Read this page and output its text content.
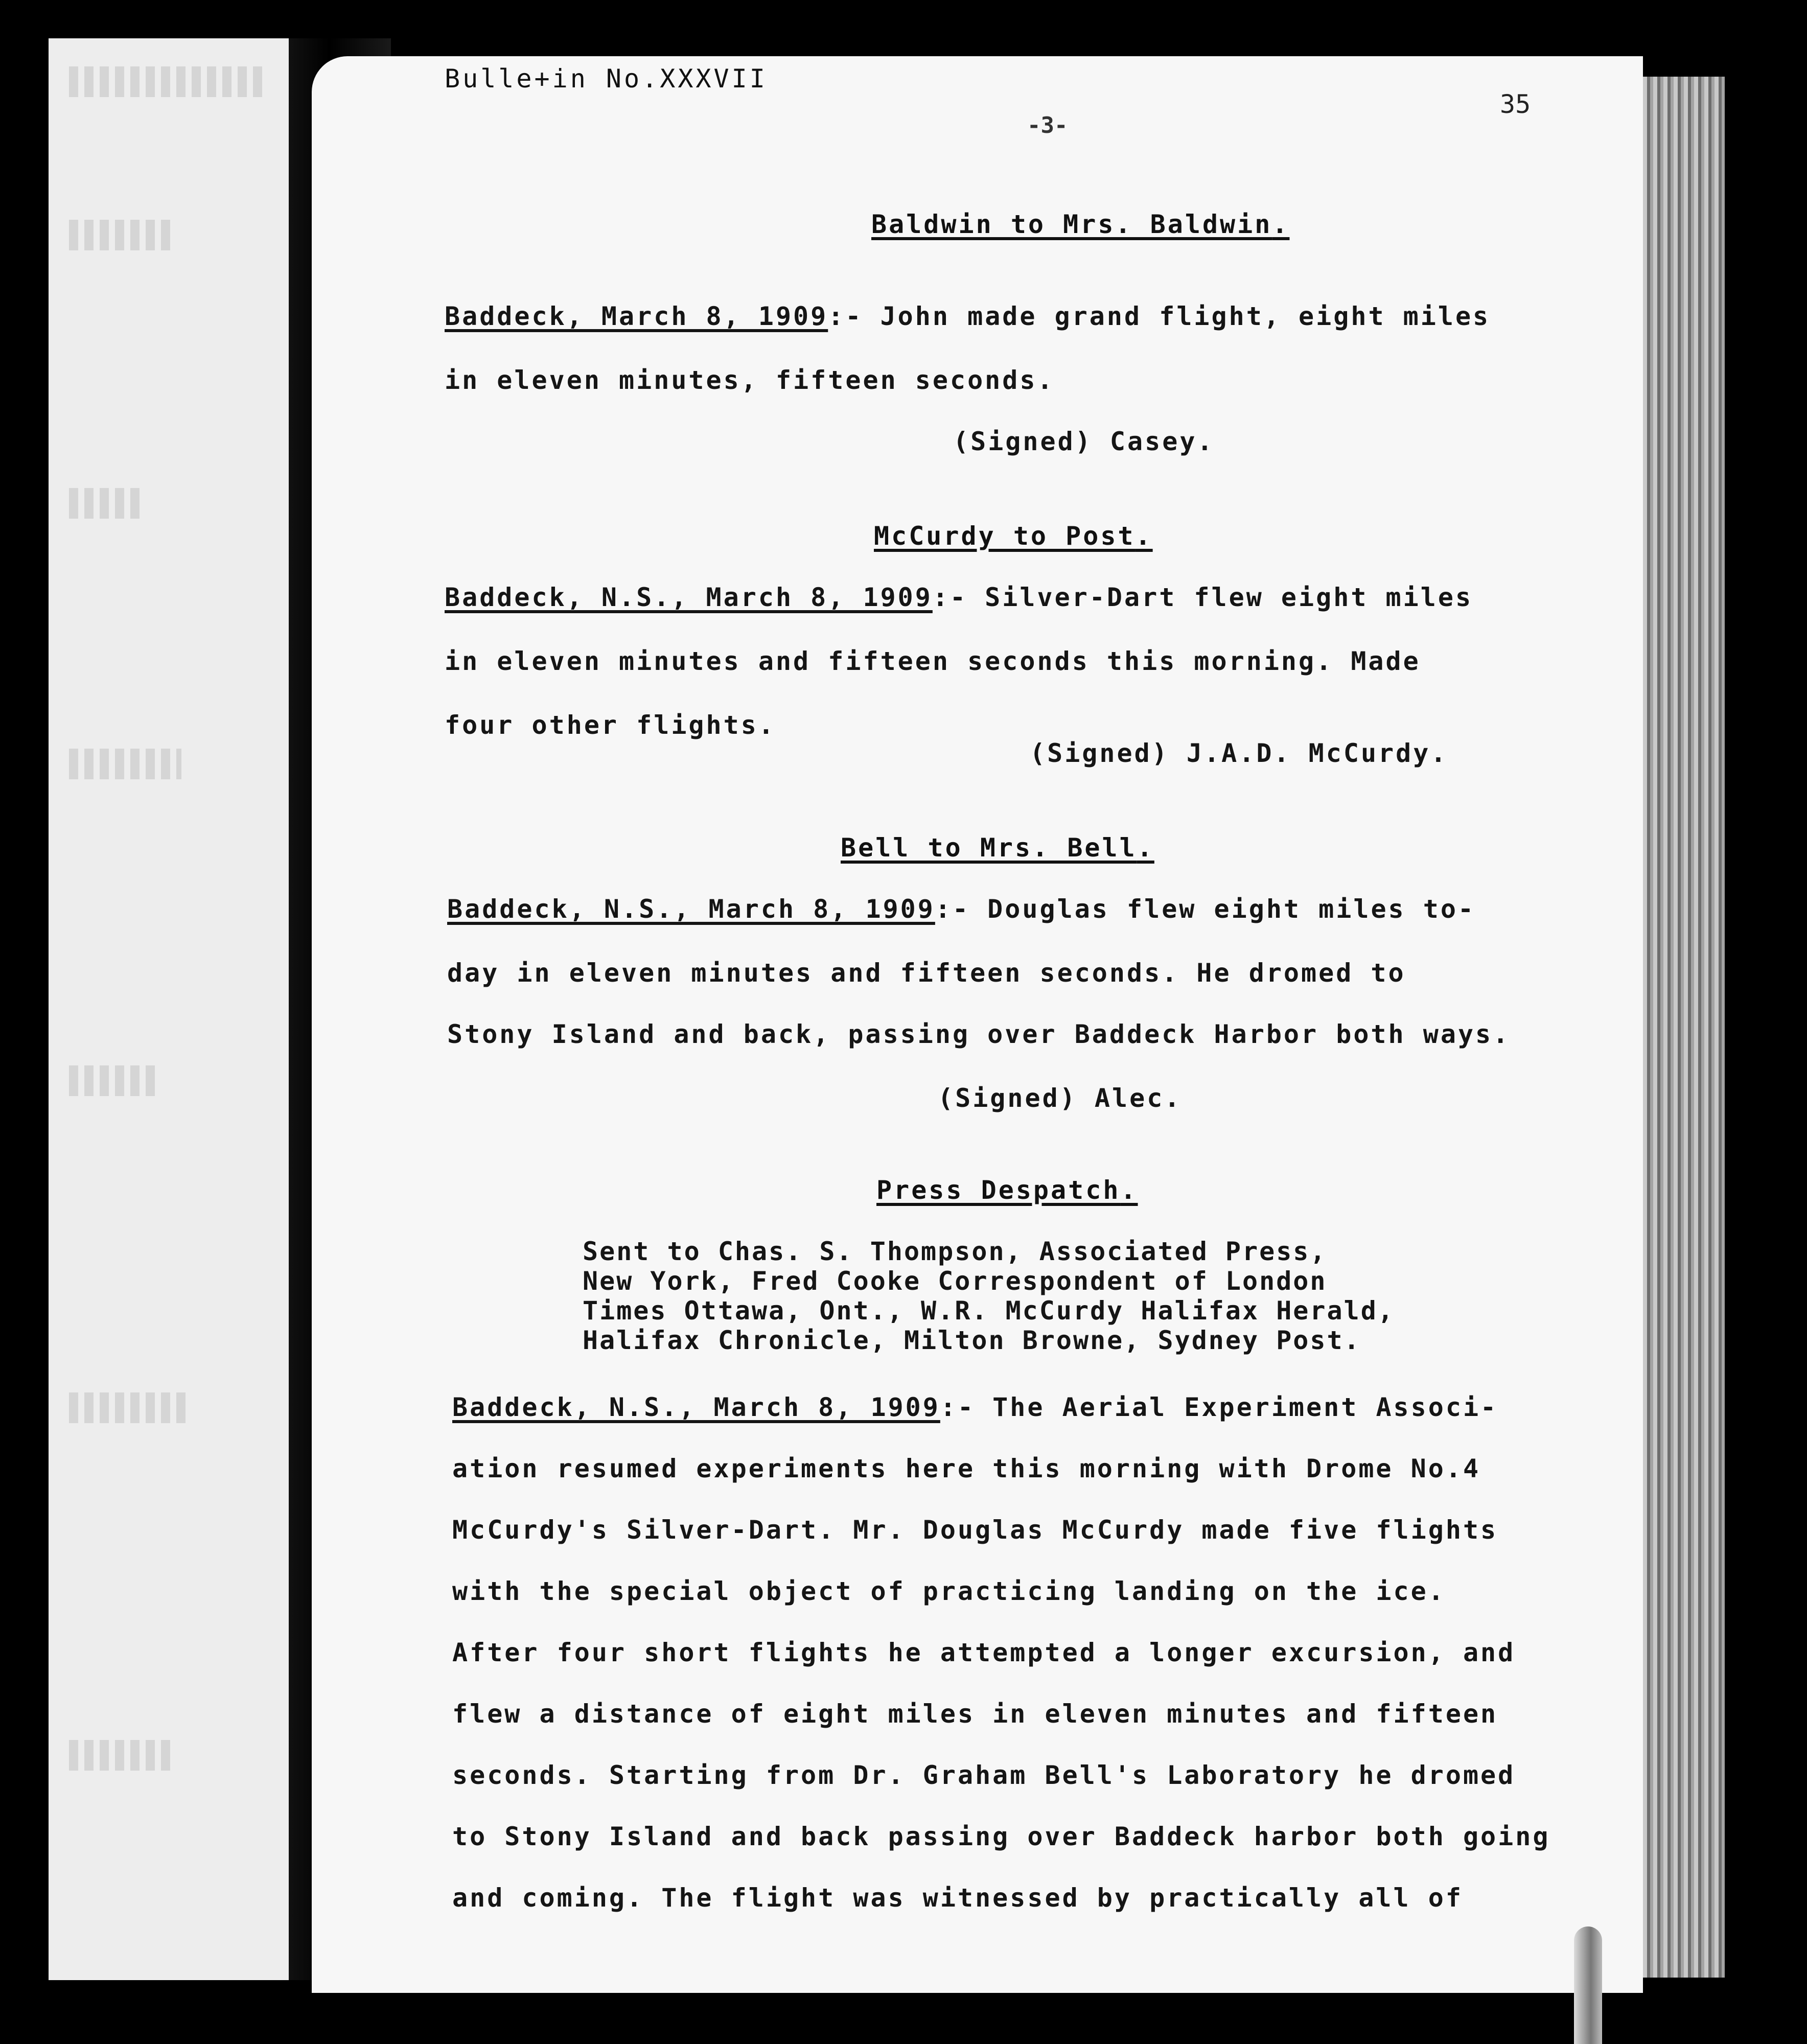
Bulle+in No.XXXVII
35
-3-
Baldwin to Mrs. Baldwin.
Baddeck, March 8, 1909:- John made grand flight, eight miles
in eleven minutes, fifteen seconds.
(Signed) Casey.
McCurdy to Post.
Baddeck, N.S., March 8, 1909:- Silver-Dart flew eight miles
in eleven minutes and fifteen seconds this morning. Made
four other flights.
(Signed) J.A.D. McCurdy.
Bell to Mrs. Bell.
Baddeck, N.S., March 8, 1909:- Douglas flew eight miles to-
day in eleven minutes and fifteen seconds. He dromed to
Stony Island and back, passing over Baddeck Harbor both ways.
(Signed) Alec.
Press Despatch.
Sent to Chas. S. Thompson, Associated Press,
New York, Fred Cooke Correspondent of London
Times Ottawa, Ont., W.R. McCurdy Halifax Herald,
Halifax Chronicle, Milton Browne, Sydney Post.
Baddeck, N.S., March 8, 1909:- The Aerial Experiment Associ-
ation resumed experiments here this morning with Drome No.4
McCurdy's Silver-Dart. Mr. Douglas McCurdy made five flights
with the special object of practicing landing on the ice.
After four short flights he attempted a longer excursion, and
flew a distance of eight miles in eleven minutes and fifteen
seconds. Starting from Dr. Graham Bell's Laboratory he dromed
to Stony Island and back passing over Baddeck harbor both going
and coming. The flight was witnessed by practically all of
